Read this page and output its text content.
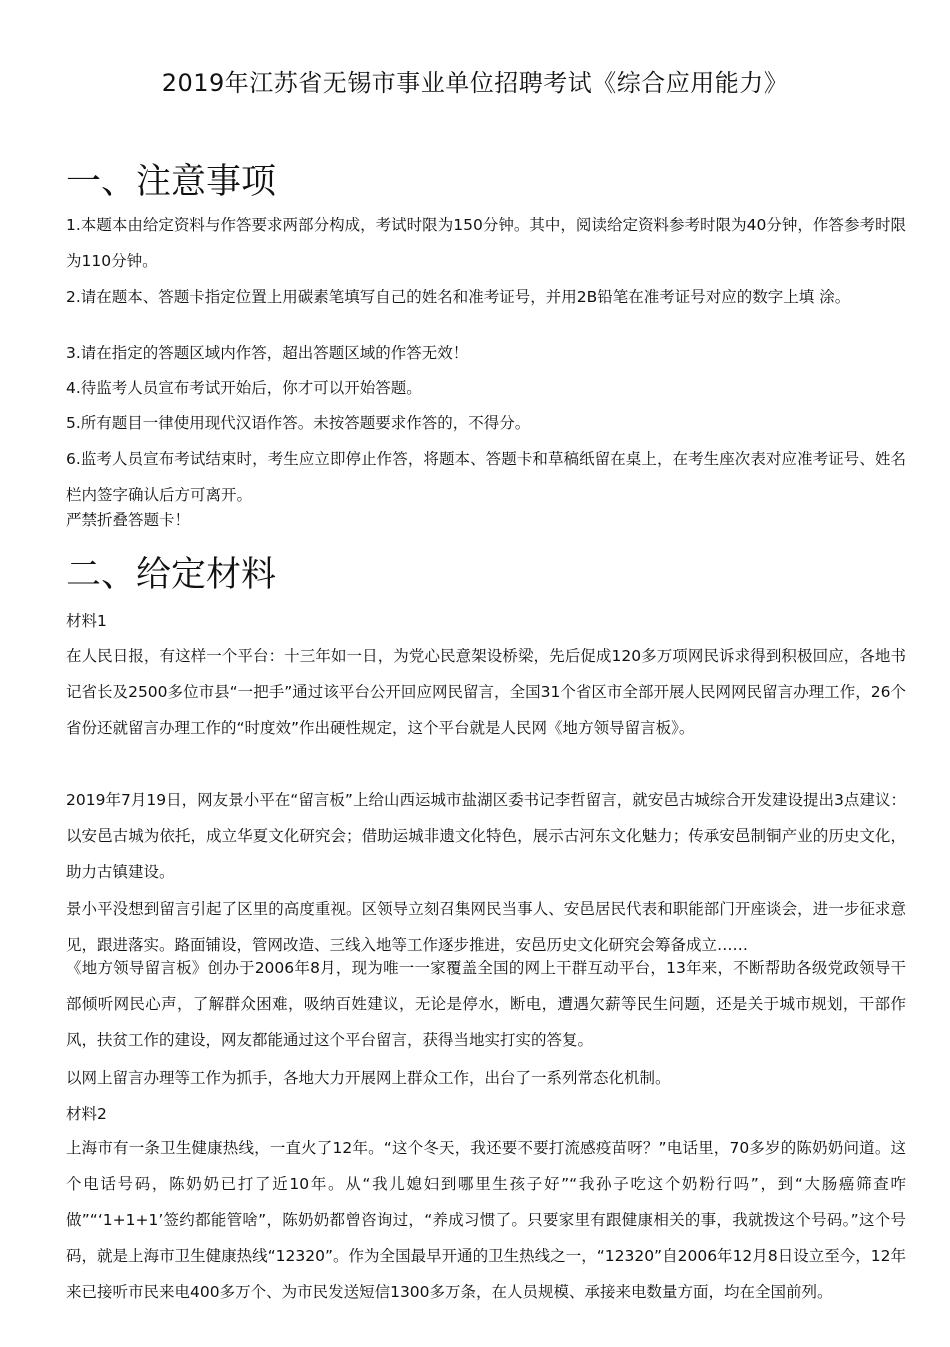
2019年江苏省无锡市事业单位招聘考试《综合应用能力》
一、注意事项

1.本题本由给定资料与作答要求两部分构成，考试时限为150分钟。其中，阅读给定资料参考时限为40分钟，作答参考时限为110分钟。

2.请在题本、答题卡指定位置上用碳素笔填写自己的姓名和准考证号，并用2B铅笔在准考证号对应的数字上填 涂。

3.请在指定的答题区域内作答，超出答题区域的作答无效！

4.待监考人员宣布考试开始后，你才可以开始答题。

5.所有题目一律使用现代汉语作答。未按答题要求作答的，不得分。

6.监考人员宣布考试结束时，考生应立即停止作答，将题本、答题卡和草稿纸留在桌上，在考生座次表对应准考证号、姓名栏内签字确认后方可离开。

严禁折叠答题卡！

二、给定材料

材料1

在人民日报，有这样一个平台：十三年如一日，为党心民意架设桥梁，先后促成120多万项网民诉求得到积极回应，各地书记省长及2500多位市县“一把手”通过该平台公开回应网民留言，全国31个省区市全部开展人民网网民留言办理工作，26个省份还就留言办理工作的“时度效”作出硬性规定，这个平台就是人民网《地方领导留言板》。

2019年7月19日，网友景小平在“留言板”上给山西运城市盐湖区委书记李哲留言，就安邑古城综合开发建设提出3点建议：以安邑古城为依托，成立华夏文化研究会；借助运城非遗文化特色，展示古河东文化魅力；传承安邑制铜产业的历史文化，助力古镇建设。

景小平没想到留言引起了区里的高度重视。区领导立刻召集网民当事人、安邑居民代表和职能部门开座谈会，进一步征求意见，跟进落实。路面铺设，管网改造、三线入地等工作逐步推进，安邑历史文化研究会筹备成立……

《地方领导留言板》创办于2006年8月，现为唯一一家覆盖全国的网上干群互动平台，13年来，不断帮助各级党政领导干部倾听网民心声，了解群众困难，吸纳百姓建议，无论是停水，断电，遭遇欠薪等民生问题，还是关于城市规划，干部作风，扶贫工作的建设，网友都能通过这个平台留言，获得当地实打实的答复。

以网上留言办理等工作为抓手，各地大力开展网上群众工作，出台了一系列常态化机制。

材料2

上海市有一条卫生健康热线，一直火了12年。“这个冬天，我还要不要打流感疫苗呀？”电话里，70多岁的陈奶奶问道。这个电话号码，陈奶奶已打了近10年。从“我儿媳妇到哪里生孩子好”“我孙子吃这个奶粉行吗”，到“大肠癌筛查咋做”“‘1+1+1’签约都能管啥”，陈奶奶都曾咨询过，“养成习惯了。只要家里有跟健康相关的事，我就拨这个号码。”这个号码，就是上海市卫生健康热线“12320”。作为全国最早开通的卫生热线之一，“12320”自2006年12月8日设立至今，12年来已接听市民来电400多万个、为市民发送短信1300多万条，在人员规模、承接来电数量方面，均在全国前列。
